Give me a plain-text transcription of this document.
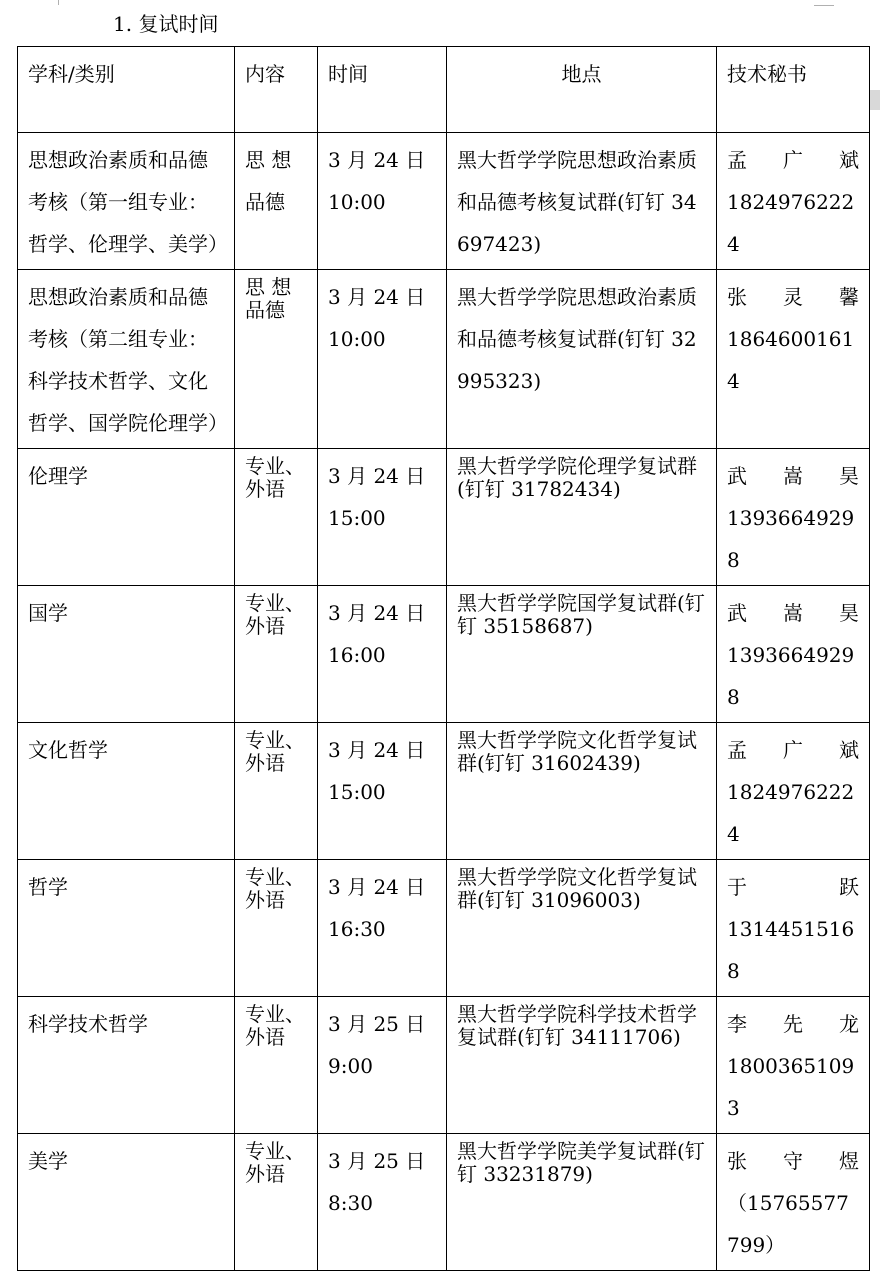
1. 复试时间
学科/类别	内容	时间	地点	技术秘书
思想政治素质和品德考核（第一组专业：哲学、伦理学、美学）	思 想 品德	3 月 24 日 10:00	黑大哲学学院思想政治素质和品德考核复试群(钉钉 34697423)	孟 广 斌
18249762224

思想政治素质和品德考核（第二组专业：科学技术哲学、文化哲学、国学院伦理学）	思 想 品德	3 月 24 日 10:00	黑大哲学学院思想政治素质和品德考核复试群(钉钉 32995323)	张 灵 馨
18646001614

伦理学	专业、外语	3 月 24 日 15:00	黑大哲学学院伦理学复试群(钉钉 31782434)	武 嵩 昊
13936649298

国学	专业、外语	3 月 24 日 16:00	黑大哲学学院国学复试群(钉钉 35158687)	武 嵩 昊
13936649298

文化哲学	专业、外语	3 月 24 日 15:00	黑大哲学学院文化哲学复试群(钉钉 31602439)	孟 广 斌
18249762224

哲学	专业、外语	3 月 24 日 16:30	黑大哲学学院文化哲学复试群(钉钉 31096003)	于 跃
13144515168

科学技术哲学	专业、外语	3 月 25 日 9:00	黑大哲学学院科学技术哲学复试群(钉钉 34111706)	李 先 龙
18003651093

美学	专业、外语	3 月 25 日 8:30	黑大哲学学院美学复试群(钉钉 33231879)	张 守 煜
（15765577799）
